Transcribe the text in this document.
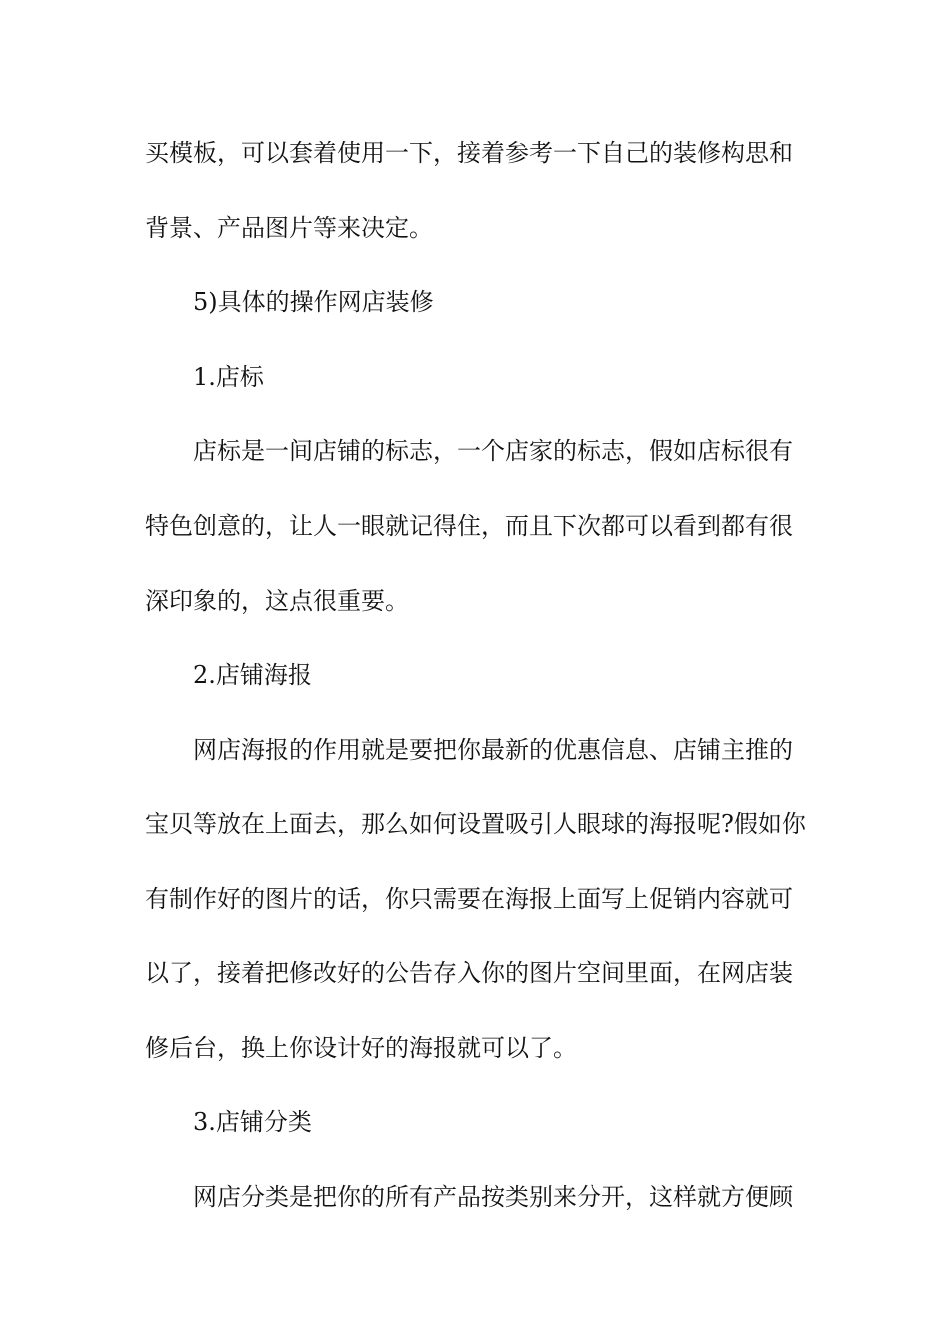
买模板，可以套着使用一下，接着参考一下自己的装修构思和
背景、产品图片等来决定。
5)具体的操作网店装修
1.店标
店标是一间店铺的标志，一个店家的标志，假如店标很有
特色创意的，让人一眼就记得住，而且下次都可以看到都有很
深印象的，这点很重要。
2.店铺海报
网店海报的作用就是要把你最新的优惠信息、店铺主推的
宝贝等放在上面去，那么如何设置吸引人眼球的海报呢?假如你
有制作好的图片的话，你只需要在海报上面写上促销内容就可
以了，接着把修改好的公告存入你的图片空间里面，在网店装
修后台，换上你设计好的海报就可以了。
3.店铺分类
网店分类是把你的所有产品按类别来分开，这样就方便顾
